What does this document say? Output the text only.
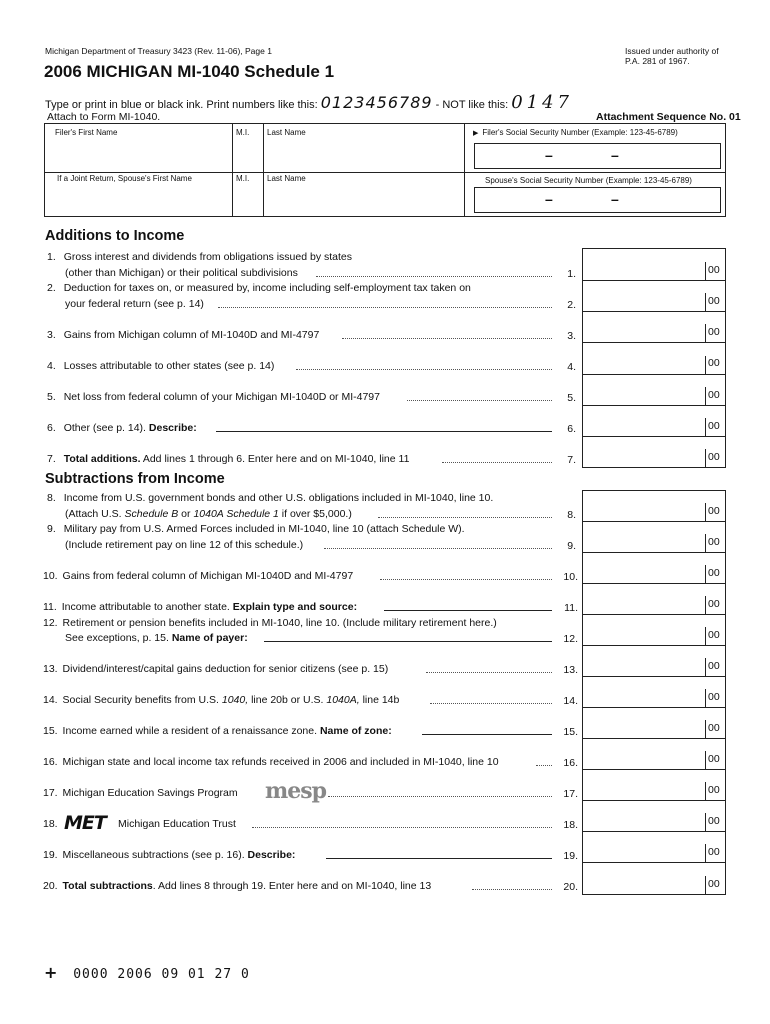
Michigan Department of Treasury 3423 (Rev. 11-06), Page 1	Issued under authority of
P.A. 281 of 1967.
2006 MICHIGAN MI-1040 Schedule 1
Type or print in blue or black ink. Print numbers like this: 0123456789 - NOT like this: 0147
Attach to Form MI-1040.	Attachment Sequence No. 01
Filer's First Name	M.I. Last Name	▶ Filer's Social Security Number (Example: 123-45-6789)
–	–
If a Joint Return, Spouse's First Name	M.I. Last Name	Spouse's Social Security Number (Example: 123-45-6789)
–	–
Additions to Income
1. Gross interest and dividends from obligations issued by states
(other than Michigan) or their political subdivisions	1.	00
2. Deduction for taxes on, or measured by, income including self-employment tax taken on
your federal return (see p. 14)	2.	00
3. Gains from Michigan column of MI-1040D and MI-4797	3.	00
4. Losses attributable to other states (see p. 14)	4.	00
5. Net loss from federal column of your Michigan MI-1040D or MI-4797	5.	00
6. Other (see p. 14). Describe:	6.	00
7. Total additions. Add lines 1 through 6. Enter here and on MI-1040, line 11	7.	00
Subtractions from Income
8. Income from U.S. government bonds and other U.S. obligations included in MI-1040, line 10.
(Attach U.S. Schedule B or 1040A Schedule 1 if over $5,000.)	8.	00
9. Military pay from U.S. Armed Forces included in MI-1040, line 10 (attach Schedule W).
(Include retirement pay on line 12 of this schedule.)	9.	00
10. Gains from federal column of Michigan MI-1040D and MI-4797	10.	00
11. Income attributable to another state. Explain type and source:	11.	00
12. Retirement or pension benefits included in MI-1040, line 10. (Include military retirement here.)
See exceptions, p. 15. Name of payer:	12.	00
13. Dividend/interest/capital gains deduction for senior citizens (see p. 15)	13.	00
14. Social Security benefits from U.S. 1040, line 20b or U.S. 1040A, line 14b	14.	00
15. Income earned while a resident of a renaissance zone. Name of zone:	15.	00
16. Michigan state and local income tax refunds received in 2006 and included in MI-1040, line 10	16.	00
17. Michigan Education Savings Program mesp	17.	00
18. MET Michigan Education Trust	18.	00
19. Miscellaneous subtractions (see p. 16). Describe:	19.	00
20. Total subtractions. Add lines 8 through 19. Enter here and on MI-1040, line 13	20.	00
+ 0000 2006 09 01 27 0
